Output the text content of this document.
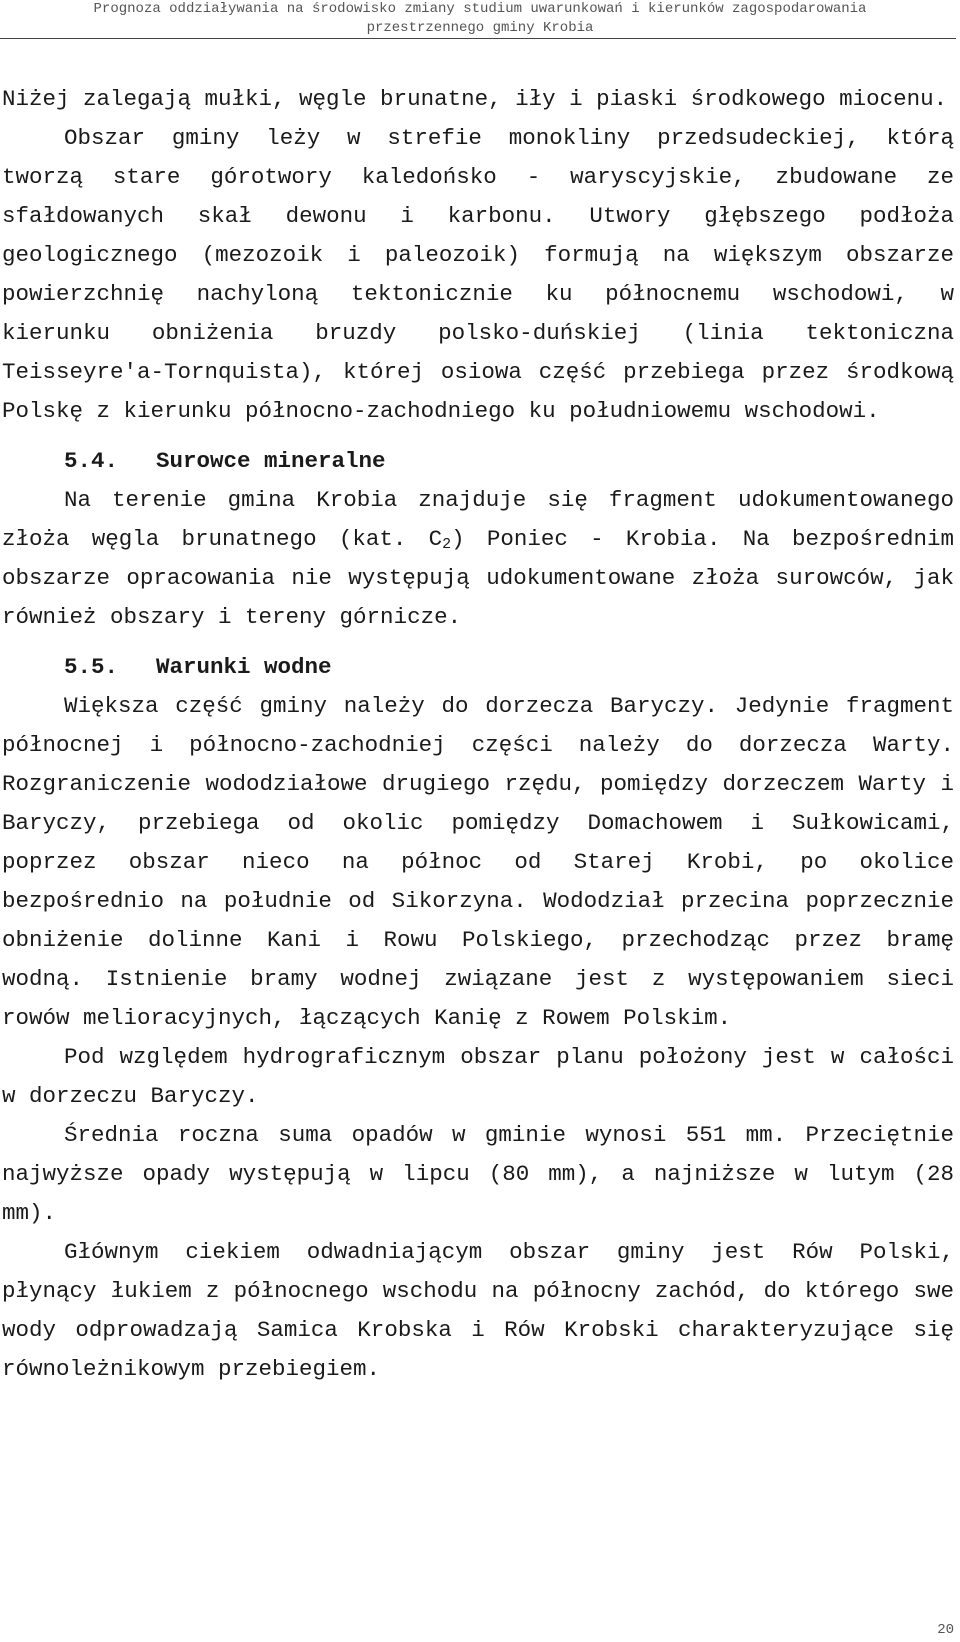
Prognoza oddziaływania na środowisko zmiany studium uwarunkowań i kierunków zagospodarowania
przestrzennego gminy Krobia

Niżej zalegają mułki, węgle brunatne, iły i piaski środkowego miocenu.

Obszar gminy leży w strefie monokliny przedsudeckiej, którą tworzą stare górotwory kaledońsko - waryscyjskie, zbudowane ze sfałdowanych skał dewonu i karbonu. Utwory głębszego podłoża geologicznego (mezozoik i paleozoik) formują na większym obszarze powierzchnię nachyloną tektonicznie ku północnemu wschodowi, w kierunku obniżenia bruzdy polsko-duńskiej (linia tektoniczna Teisseyre'a-Tornquista), której osiowa część przebiega przez środkową Polskę z kierunku północno-zachodniego ku południowemu wschodowi.

5.4. Surowce mineralne

Na terenie gmina Krobia znajduje się fragment udokumentowanego złoża węgla brunatnego (kat. $C_2$) Poniec - Krobia. Na bezpośrednim obszarze opracowania nie występują udokumentowane złoża surowców, jak również obszary i tereny górnicze.

5.5. Warunki wodne

Większa część gminy należy do dorzecza Baryczy. Jedynie fragment północnej i północno-zachodniej części należy do dorzecza Warty. Rozgraniczenie wododziałowe drugiego rzędu, pomiędzy dorzeczem Warty i Baryczy, przebiega od okolic pomiędzy Domachowem i Sułkowicami, poprzez obszar nieco na północ od Starej Krobi, po okolice bezpośrednio na południe od Sikorzyna. Wododział przecina poprzecznie obniżenie dolinne Kani i Rowu Polskiego, przechodząc przez bramę wodną. Istnienie bramy wodnej związane jest z występowaniem sieci rowów melioracyjnych, łączących Kanię z Rowem Polskim.

Pod względem hydrograficznym obszar planu położony jest w całości w dorzeczu Baryczy.

Średnia roczna suma opadów w gminie wynosi 551 mm. Przeciętnie najwyższe opady występują w lipcu (80 mm), a najniższe w lutym (28 mm).

Głównym ciekiem odwadniającym obszar gminy jest Rów Polski, płynący łukiem z północnego wschodu na północny zachód, do którego swe wody odprowadzają Samica Krobska i Rów Krobski charakteryzujące się równoleżnikowym przebiegiem.

20
